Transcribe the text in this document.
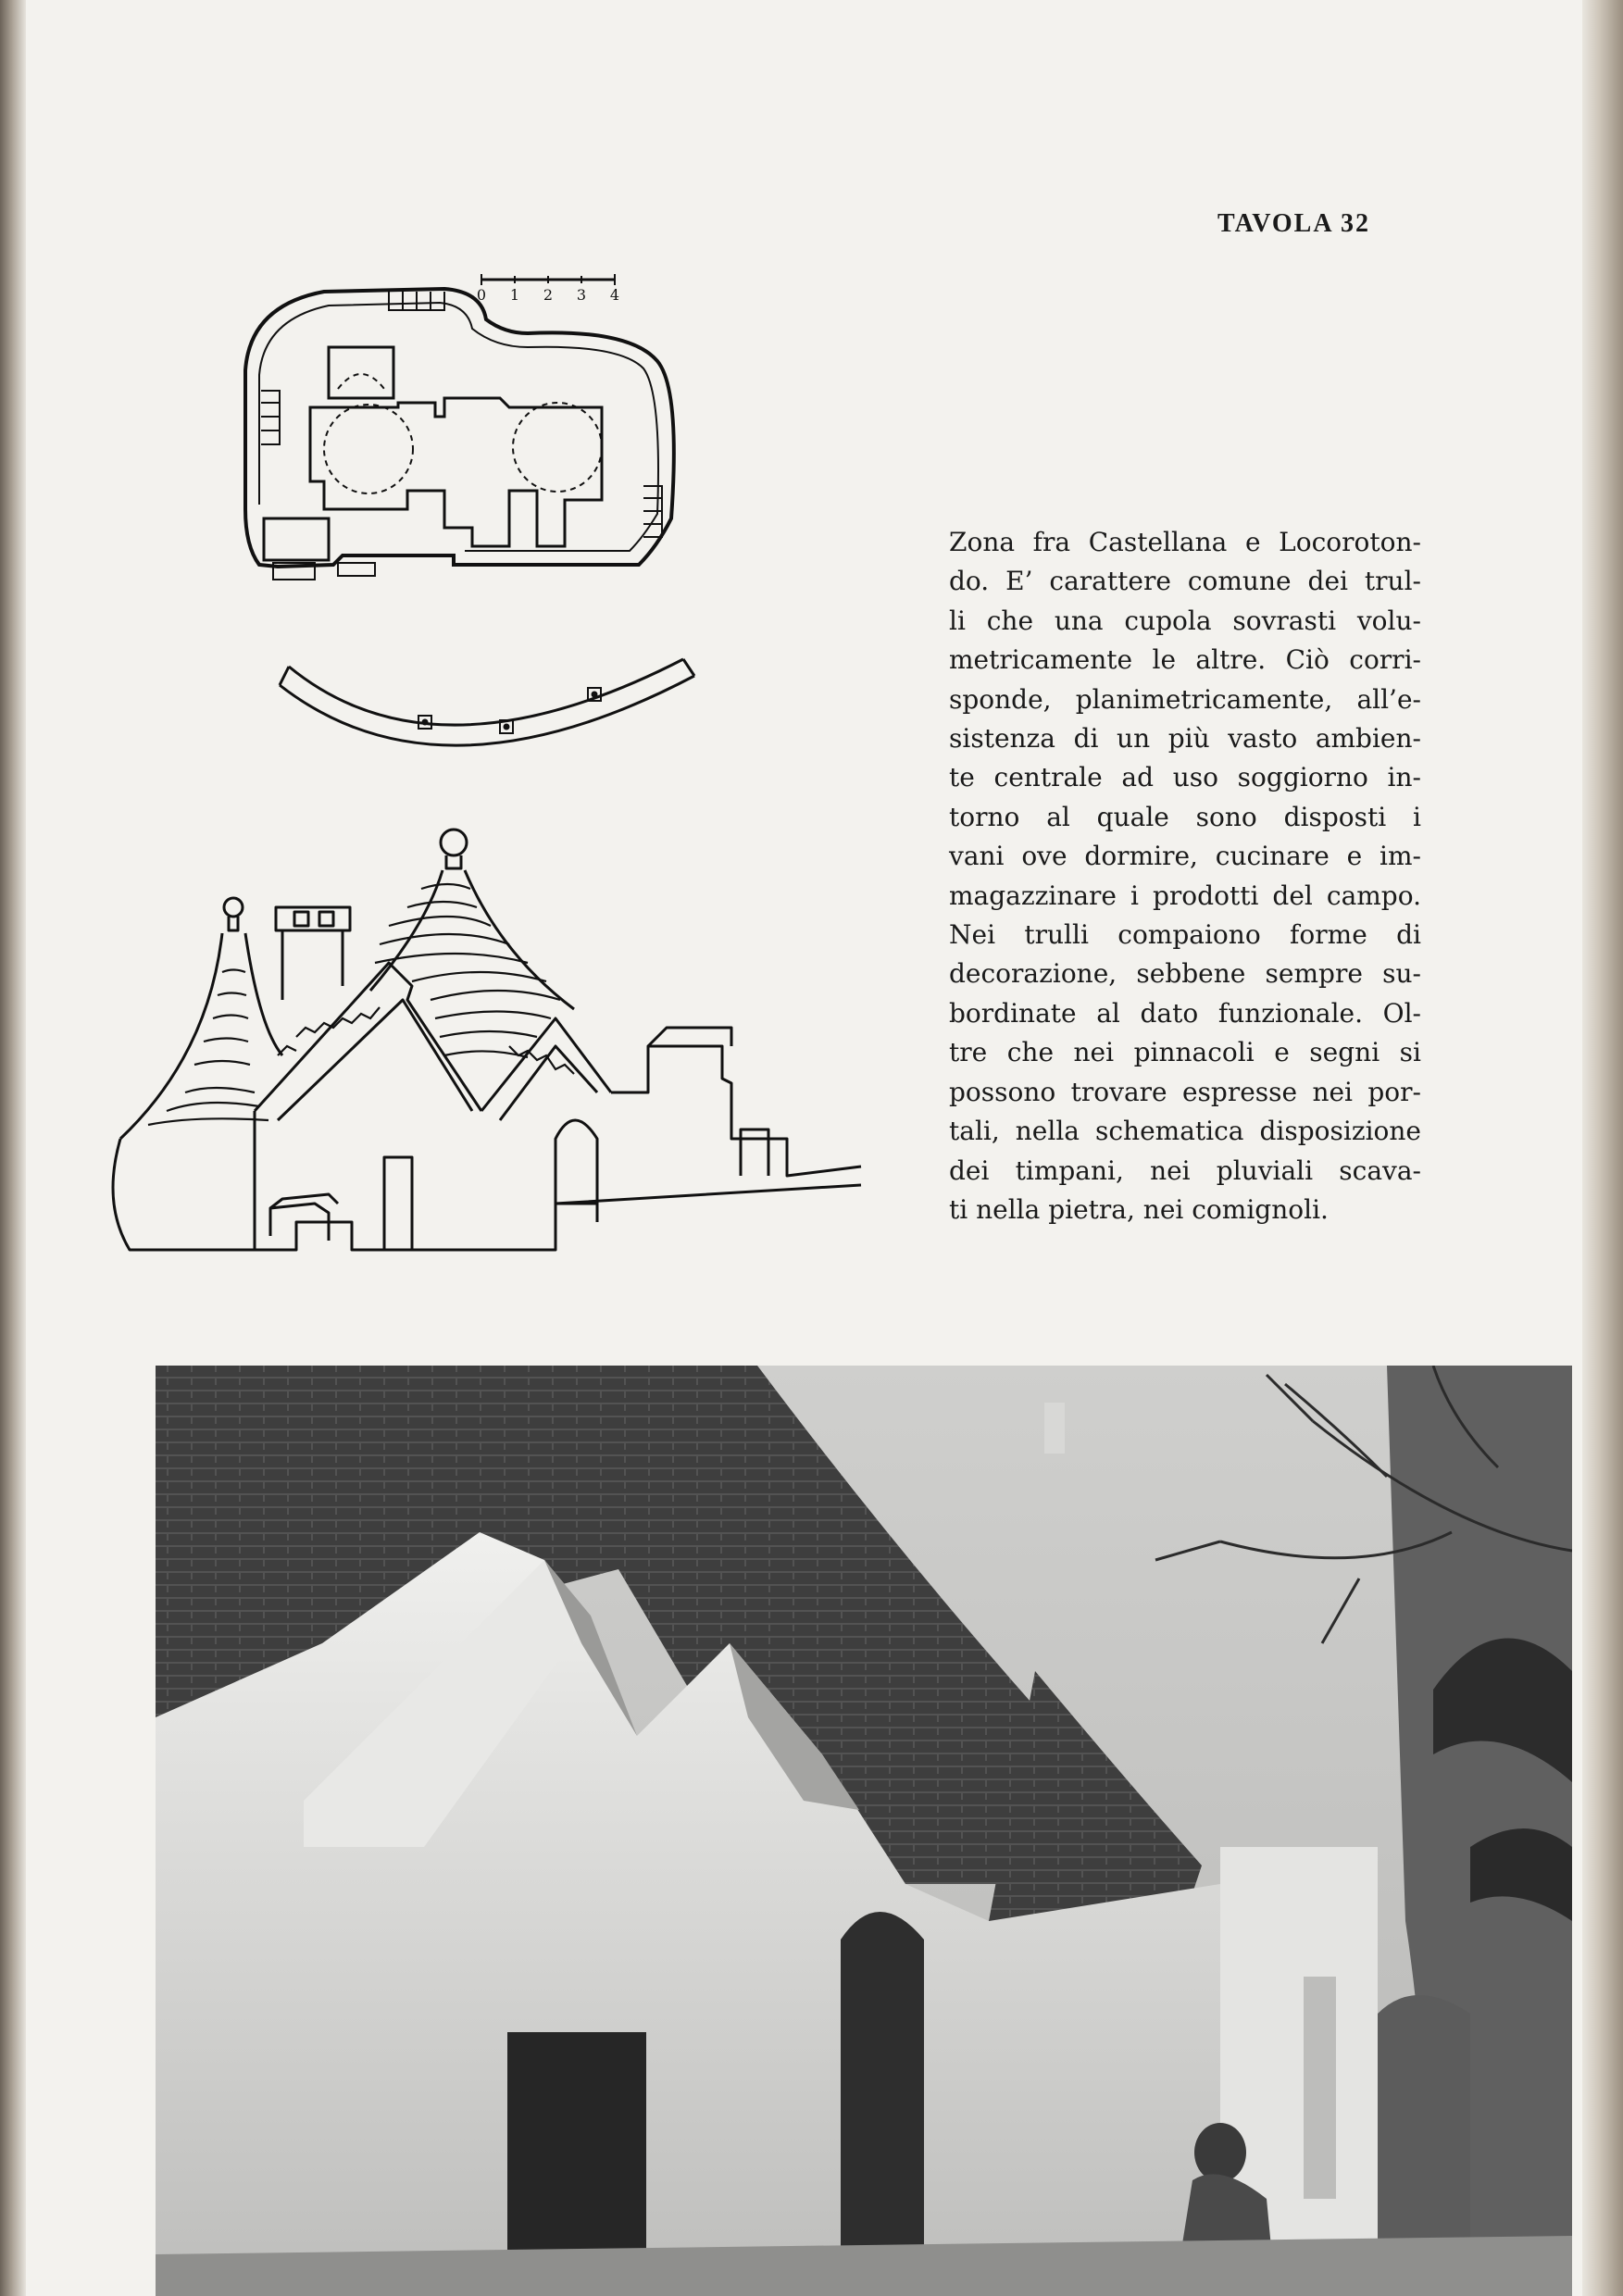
TAVOLA 32
0 1 2 3 4
Zona fra Castellana e Locoroton-
do. E’ carattere comune dei trul-
li che una cupola sovrasti volu-
metricamente le altre. Ciò corri-
sponde, planimetricamente, all’e-
sistenza di un più vasto ambien-
te centrale ad uso soggiorno in-
torno al quale sono disposti i
vani ove dormire, cucinare e im-
magazzinare i prodotti del campo.
Nei trulli compaiono forme di
decorazione, sebbene sempre su-
bordinate al dato funzionale. Ol-
tre che nei pinnacoli e segni si
possono trovare espresse nei por-
tali, nella schematica disposizione
dei timpani, nei pluviali scava-
ti nella pietra, nei comignoli.
